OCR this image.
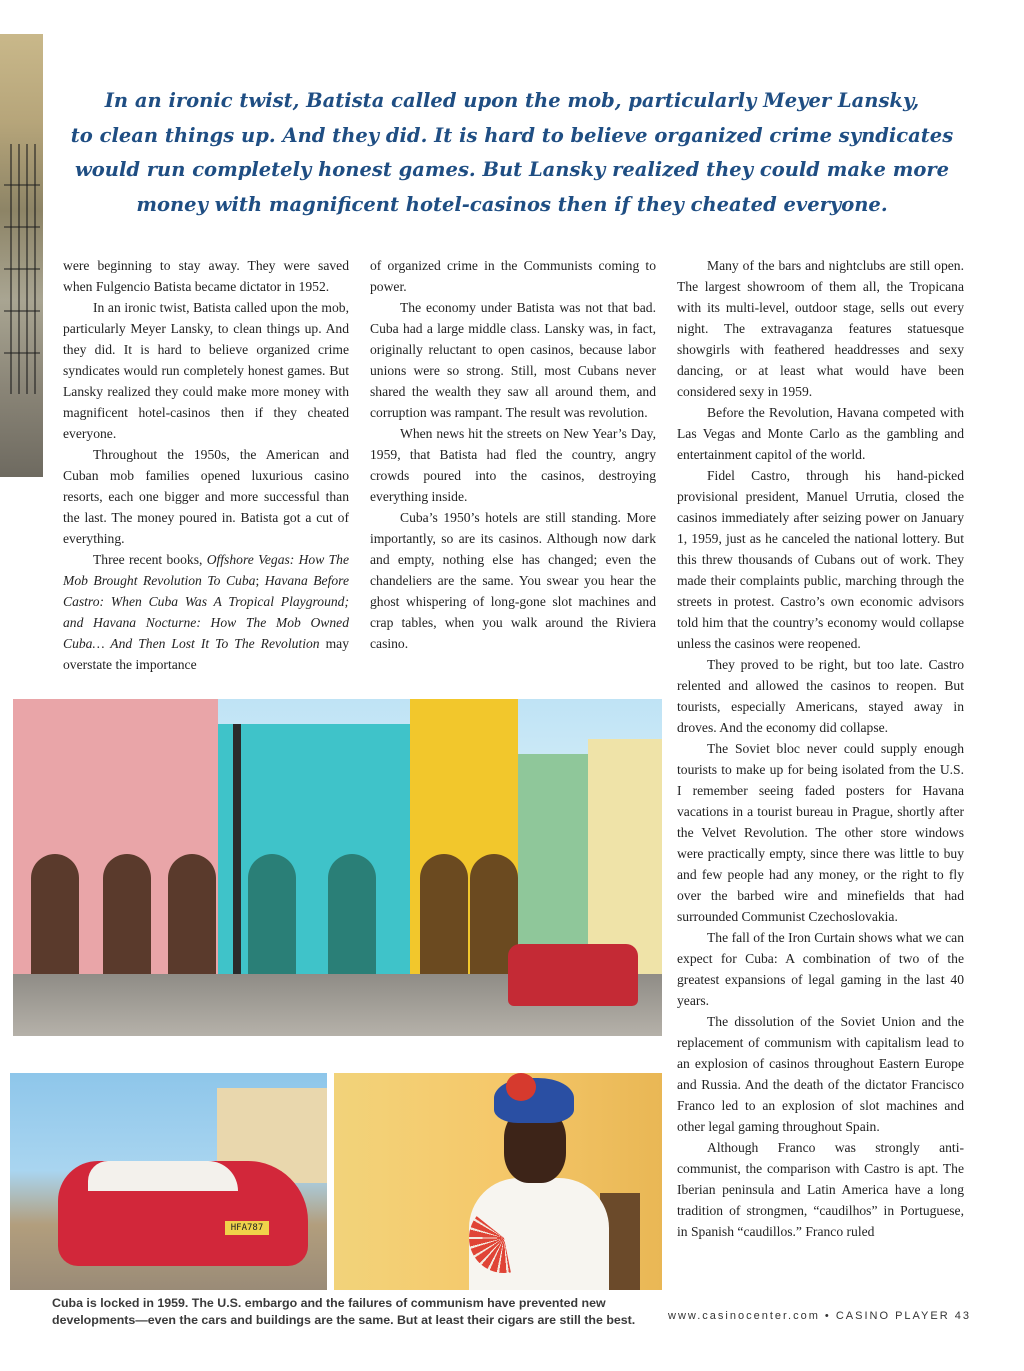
In an ironic twist, Batista called upon the mob, particularly Meyer Lansky,
to clean things up. And they did. It is hard to believe organized crime syndicates
would run completely honest games. But Lansky realized they could make more
money with magnificent hotel-casinos then if they cheated everyone.

were beginning to stay away. They were saved when Fulgencio Batista became dictator in 1952.

In an ironic twist, Batista called upon the mob, particularly Meyer Lansky, to clean things up. And they did. It is hard to believe organized crime syndicates would run completely honest games. But Lansky realized they could make more money with magnificent hotel-casinos then if they cheated everyone.

Throughout the 1950s, the American and Cuban mob families opened luxurious casino resorts, each one bigger and more successful than the last. The money poured in. Batista got a cut of everything.

Three recent books, Offshore Vegas: How The Mob Brought Revolution To Cuba; Havana Before Castro: When Cuba Was A Tropical Playground; and Havana Nocturne: How The Mob Owned Cuba… And Then Lost It To The Revolution may overstate the importance

of organized crime in the Communists coming to power.

The economy under Batista was not that bad. Cuba had a large middle class. Lansky was, in fact, originally reluctant to open casinos, because labor unions were so strong. Still, most Cubans never shared the wealth they saw all around them, and corruption was rampant. The result was revolution.

When news hit the streets on New Year’s Day, 1959, that Batista had fled the country, angry crowds poured into the casinos, destroying everything inside.

Cuba’s 1950’s hotels are still standing. More importantly, so are its casinos. Although now dark and empty, nothing else has changed; even the chandeliers are the same. You swear you hear the ghost whispering of long-gone slot machines and crap tables, when you walk around the Riviera casino.

Many of the bars and nightclubs are still open. The largest showroom of them all, the Tropicana with its multi-level, outdoor stage, sells out every night. The extravaganza features statuesque showgirls with feathered headdresses and sexy dancing, or at least what would have been considered sexy in 1959.

Before the Revolution, Havana competed with Las Vegas and Monte Carlo as the gambling and entertainment capitol of the world.

Fidel Castro, through his hand-picked provisional president, Manuel Urrutia, closed the casinos immediately after seizing power on January 1, 1959, just as he canceled the national lottery. But this threw thousands of Cubans out of work. They made their complaints public, marching through the streets in protest. Castro’s own economic advisors told him that the country’s economy would collapse unless the casinos were reopened.

They proved to be right, but too late. Castro relented and allowed the casinos to reopen. But tourists, especially Americans, stayed away in droves. And the economy did collapse.

The Soviet bloc never could supply enough tourists to make up for being isolated from the U.S. I remember seeing faded posters for Havana vacations in a tourist bureau in Prague, shortly after the Velvet Revolution. The other store windows were practically empty, since there was little to buy and few people had any money, or the right to fly over the barbed wire and minefields that had surrounded Communist Czechoslovakia.

The fall of the Iron Curtain shows what we can expect for Cuba: A combination of two of the greatest expansions of legal gaming in the last 40 years.

The dissolution of the Soviet Union and the replacement of communism with capitalism lead to an explosion of casinos throughout Eastern Europe and Russia. And the death of the dictator Francisco Franco led to an explosion of slot machines and other legal gaming throughout Spain.

Although Franco was strongly anti-communist, the comparison with Castro is apt. The Iberian peninsula and Latin America have a long tradition of strongmen, “caudilhos” in Portuguese, in Spanish “caudillos.” Franco ruled

HFA787

Cuba is locked in 1959. The U.S. embargo and the failures of communism have prevented new
developments—even the cars and buildings are the same. But at least their cigars are still the best.	www.casinocenter.com • CASINO PLAYER 43
